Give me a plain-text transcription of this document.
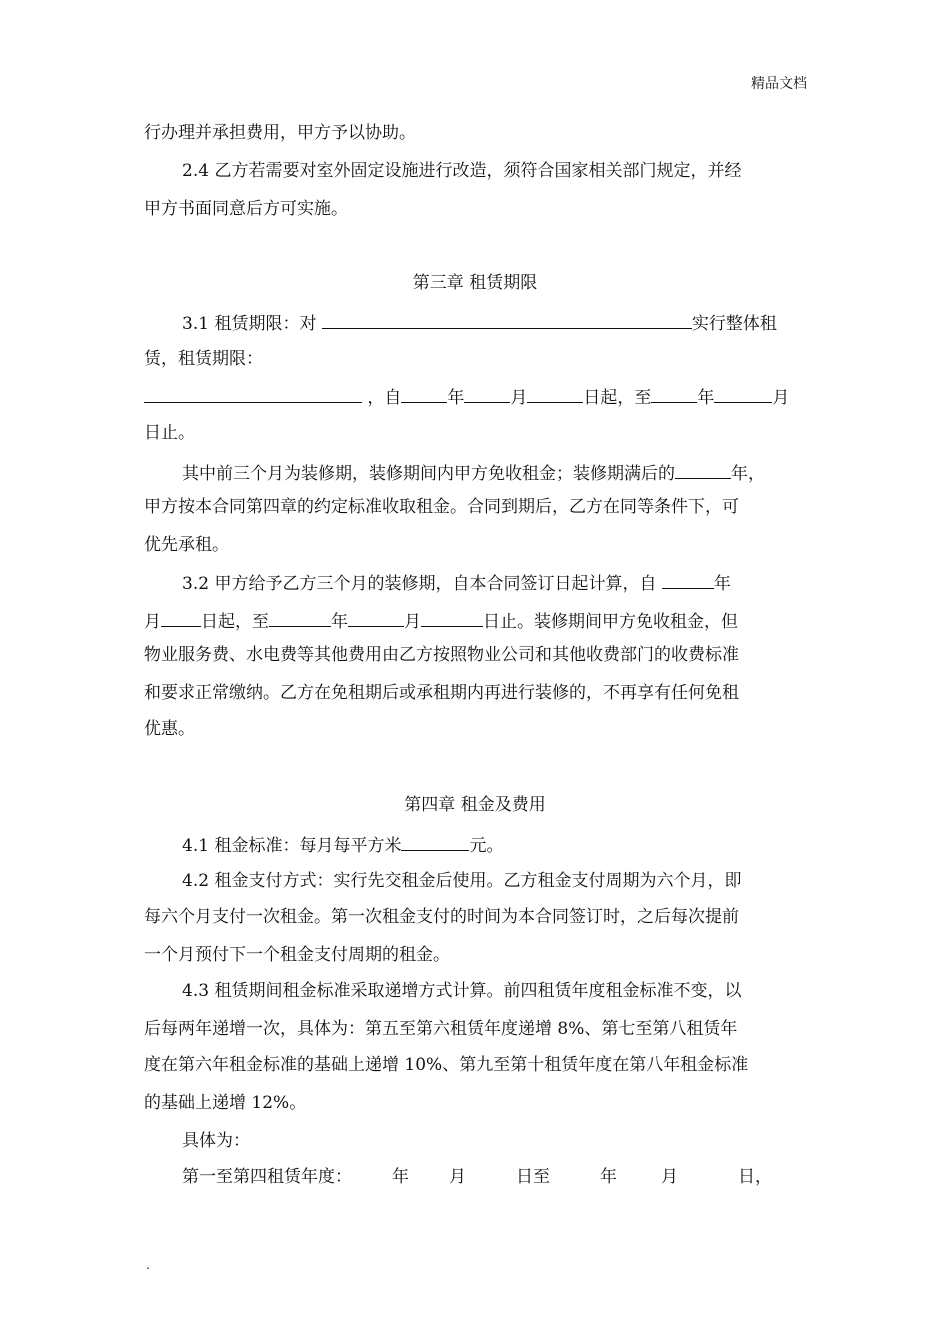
精品文档
行办理并承担费用，甲方予以协助。
2.4 乙方若需要对室外固定设施进行改造，须符合国家相关部门规定，并经
甲方书面同意后方可实施。
第三章 租赁期限
3.1 租赁期限：对	实行整体租
赁，租赁期限：
，自	年	月	日起，至	年	月
日止。
其中前三个月为装修期，装修期间内甲方免收租金；装修期满后的	年，
甲方按本合同第四章的约定标准收取租金。合同到期后，乙方在同等条件下，可
优先承租。
3.2 甲方给予乙方三个月的装修期，自本合同签订日起计算，自	年
月 日起，至	年	月	日止。装修期间甲方免收租金，但
物业服务费、水电费等其他费用由乙方按照物业公司和其他收费部门的收费标准
和要求正常缴纳。乙方在免租期后或承租期内再进行装修的，不再享有任何免租
优惠。
第四章 租金及费用
4.1 租金标准：每月每平方米	元。
4.2 租金支付方式：实行先交租金后使用。乙方租金支付周期为六个月，即
每六个月支付一次租金。第一次租金支付的时间为本合同签订时，之后每次提前
一个月预付下一个租金支付周期的租金。
4.3 租赁期间租金标准采取递增方式计算。前四租赁年度租金标准不变，以
后每两年递增一次，具体为：第五至第六租赁年度递增 8%、第七至第八租赁年
度在第六年租金标准的基础上递增 10%、第九至第十租赁年度在第八年租金标准
的基础上递增 12%。
具体为：
第一至第四租赁年度： 年 月	日至	年	月	日，
.
